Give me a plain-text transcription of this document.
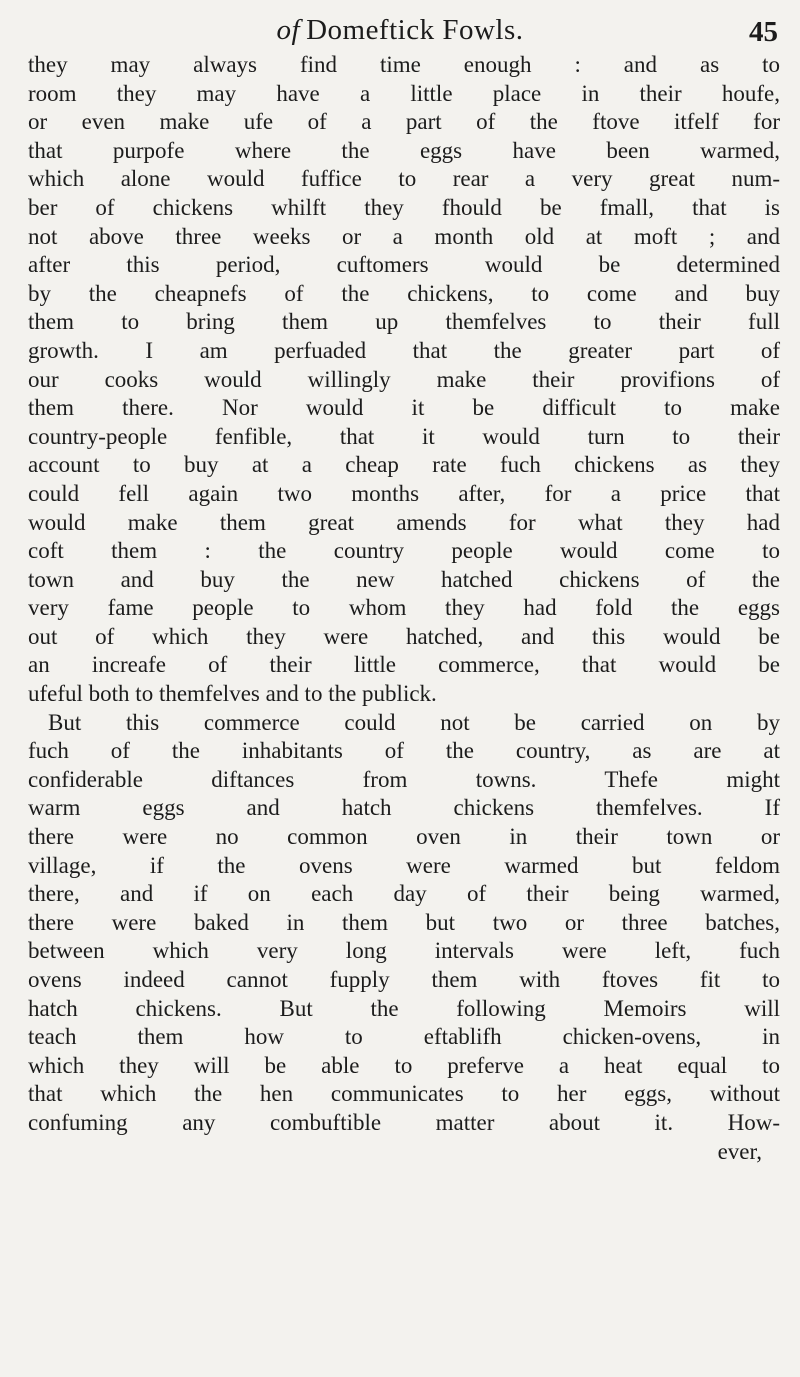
of Domeftick Fowls.	45
they may always find time enough : and as to
room they may have a little place in their houfe,
or even make ufe of a part of the ftove itfelf for
that purpofe where the eggs have been warmed,
which alone would fuffice to rear a very great num-
ber of chickens whilft they fhould be fmall, that is
not above three weeks or a month old at moft ; and
after this period, cuftomers would be determined
by the cheapnefs of the chickens, to come and buy
them to bring them up themfelves to their full
growth. I am perfuaded that the greater part of
our cooks would willingly make their provifions of
them there. Nor would it be difficult to make
country-people fenfible, that it would turn to their
account to buy at a cheap rate fuch chickens as they
could fell again two months after, for a price that
would make them great amends for what they had
coft them : the country people would come to
town and buy the new hatched chickens of the
very fame people to whom they had fold the eggs
out of which they were hatched, and this would be
an increafe of their little commerce, that would be
ufeful both to themfelves and to the publick.
But this commerce could not be carried on by
fuch of the inhabitants of the country, as are at
confiderable diftances from towns. Thefe might
warm eggs and hatch chickens themfelves. If
there were no common oven in their town or
village, if the ovens were warmed but feldom
there, and if on each day of their being warmed,
there were baked in them but two or three batches,
between which very long intervals were left, fuch
ovens indeed cannot fupply them with ftoves fit to
hatch chickens. But the following Memoirs will
teach them how to eftablifh chicken-ovens, in
which they will be able to preferve a heat equal to
that which the hen communicates to her eggs, without
confuming any combuftible matter about it. How-
ever,
